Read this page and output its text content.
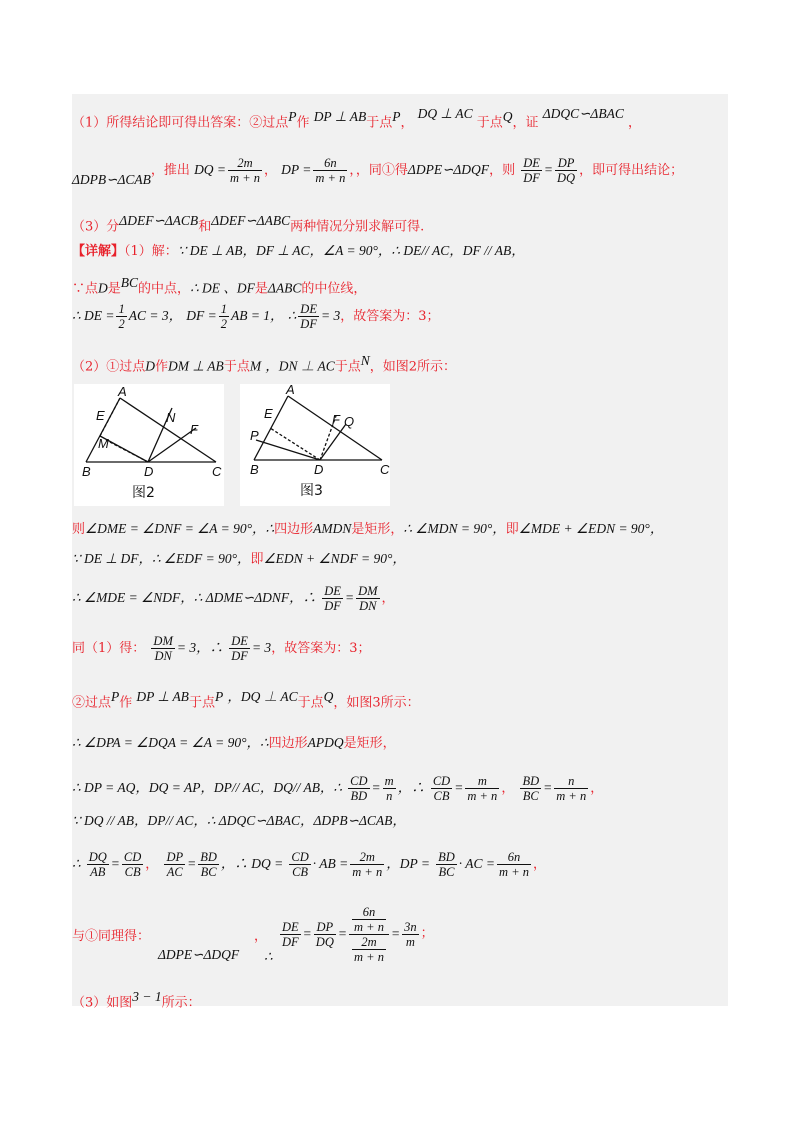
（1）所得结论即可得出答案：②过点$^P$作 $^{DP \perp AB}$于点$^P$， DQ ⊥ AC 于点$^Q$，证 ΔDQC∽ΔBAC ，
ΔDPB∽ΔCAB，推出 DQ = $\frac{2m}{m + n}$ ， DP = $\frac{6n}{m + n}$ ，，同①得ΔDPE∽ΔDQF，则 $\frac{DE}{DF} = \frac{DP}{DQ}$ ，即可得出结论；
（3）分$^{\Delta DEF∽\Delta ACB}$和$^{\Delta DEF∽\Delta ABC}$两种情况分别求解可得.
【详解】（1）解：∵ DE ⊥ AB，DF ⊥ AC，∠A = 90°，∴ DE// AC，DF // AB，
∵点D是$^{BC}$的中点，∴ DE 、DF是ΔABC的中位线，
∴ DE = $\frac{1}{2}$ AC = 3， DF = $\frac{1}{2}$ AB = 1， ∴ $\frac{DE}{DF} = 3$，故答案为：3；
（2）①过点D作DM ⊥ AB于点M ，DN ⊥ AC于点$^N$，如图2所示：
A
E
M
N
F
B	D	C
图2
A
E
P
F Q
B	D	C
图3
则∠DME = ∠DNF = ∠A = 90°，∴四边形AMDN是矩形，∴ ∠MDN = 90°，即∠MDE + ∠EDN = 90°，
∵ DE ⊥ DF，∴ ∠EDF = 90°，即∠EDN + ∠NDF = 90°，
∴ ∠MDE = ∠NDF，∴ ΔDME∽ΔDNF，∴ $\frac{DE}{DF} = \frac{DM}{DN}$ ，
同（1）得： $\frac{DM}{DN} = 3$，∴ $\frac{DE}{DF} = 3$，故答案为：3；
②过点$^P$作 $^{DP \perp AB}$于点$^P$ $^{,DQ \perp AC}$于点$^Q$，如图3所示：
∴ ∠DPA = ∠DQA = ∠A = 90°，∴四边形APDQ是矩形，
∴ DP = AQ，DQ = AP，DP// AC，DQ// AB，∴ $\frac{CD}{BD} = \frac{m}{n}$ ，∴ $\frac{CD}{CB} = \frac{m}{m + n}$ ， $\frac{BD}{BC} = \frac{n}{m + n}$ ，
∵ DQ // AB，DP// AC，∴ ΔDQC∽ΔBAC，ΔDPB∽ΔCAB，
∴ $\frac{DQ}{AB} = \frac{CD}{CB}$ ， $\frac{DP}{AC} = \frac{BD}{BC}$ ，∴ DQ = $\frac{CD}{CB}$ · AB = $\frac{2m}{m + n}$ ，DP = $\frac{BD}{BC}$ · AC = $\frac{6n}{m + n}$ ，
与①同理得：
ΔDPE∽ΔDQF
，
∴
$\frac{DE}{DF} = \frac{DP}{DQ} = \frac{\frac{6n}{m + n}}{\frac{2m}{m + n}} = \frac{3n}{m}$ ；
（3）如图$^{3 - 1}$所示：
